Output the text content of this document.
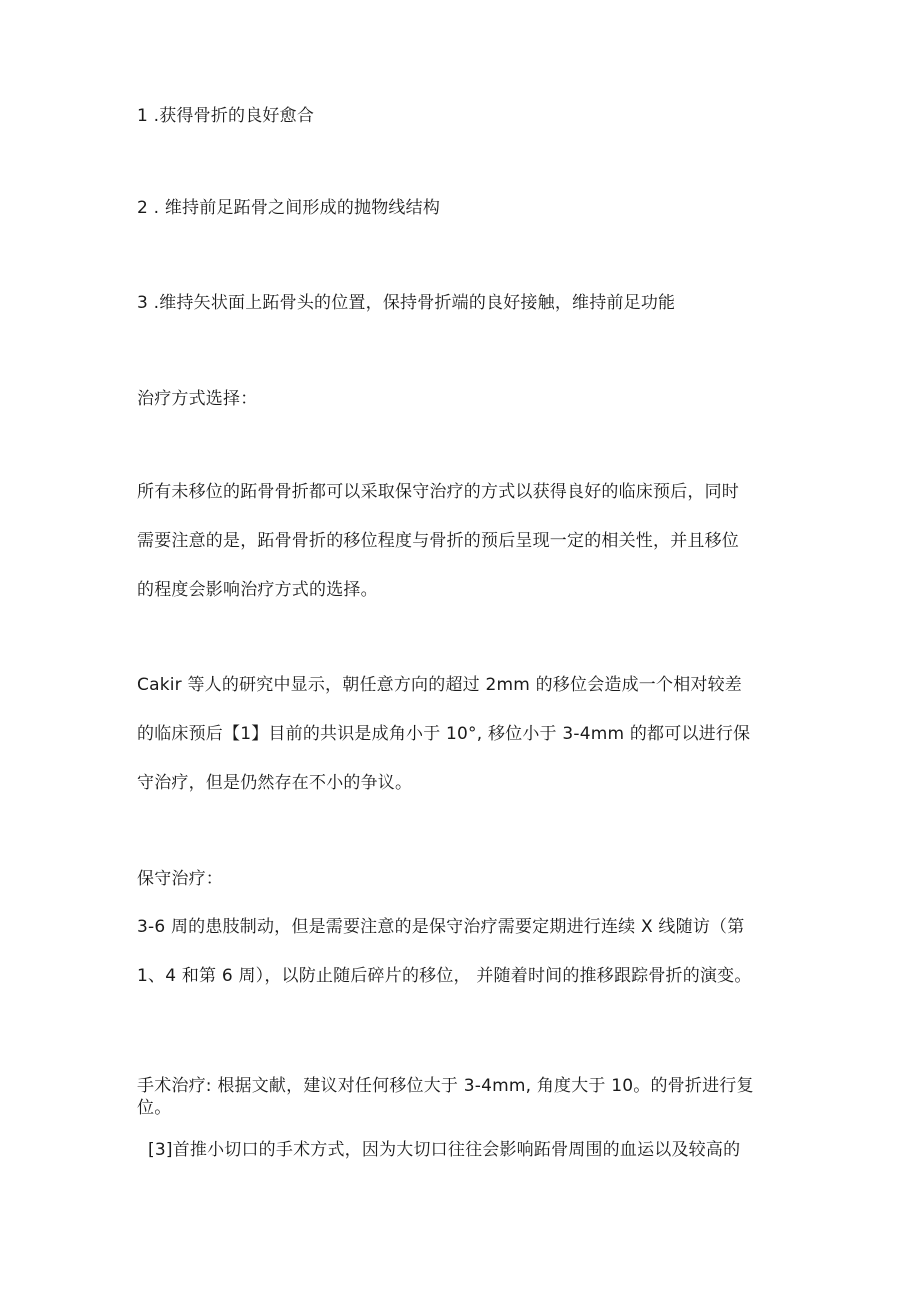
1 .获得骨折的良好愈合
2 . 维持前足跖骨之间形成的抛物线结构
3 .维持矢状面上跖骨头的位置，保持骨折端的良好接触，维持前足功能
治疗方式选择：
所有未移位的跖骨骨折都可以采取保守治疗的方式以获得良好的临床预后，同时
需要注意的是，跖骨骨折的移位程度与骨折的预后呈现一定的相关性，并且移位
的程度会影响治疗方式的选择。
Cakir 等人的研究中显示，朝任意方向的超过 2mm 的移位会造成一个相对较差
的临床预后【1】目前的共识是成角小于 10°, 移位小于 3-4mm 的都可以进行保
守治疗，但是仍然存在不小的争议。
保守治疗：
3-6 周的患肢制动，但是需要注意的是保守治疗需要定期进行连续 X 线随访（第
1、4 和第 6 周），以防止随后碎片的移位， 并随着时间的推移跟踪骨折的演变。
手术治疗: 根据文献，建议对任何移位大于 3-4mm, 角度大于 10。的骨折进行复
位。
[3]首推小切口的手术方式，因为大切口往往会影响跖骨周围的血运以及较高的
